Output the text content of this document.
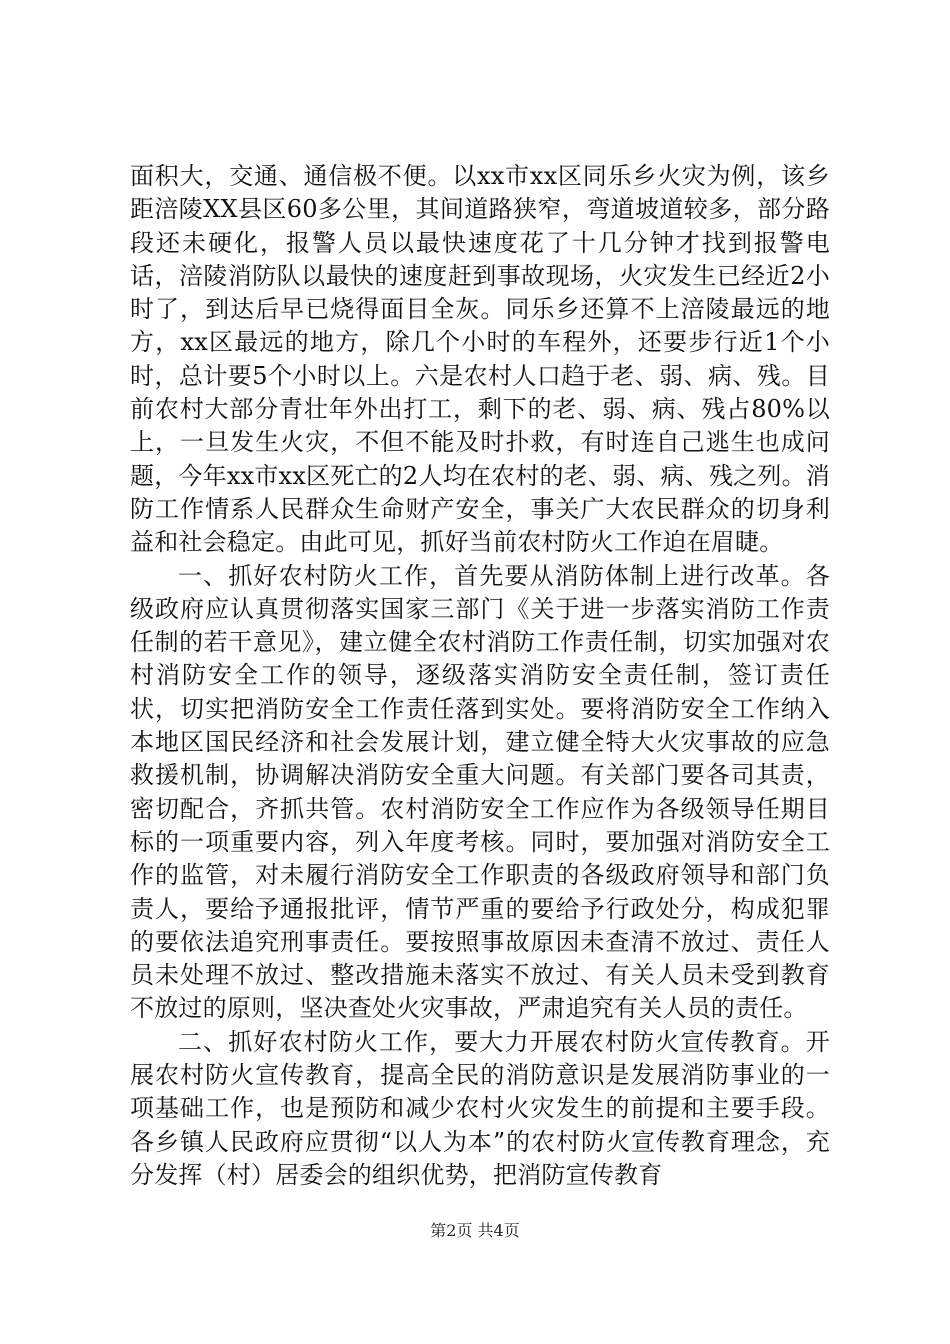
面积大，交通、通信极不便。以xx市xx区同乐乡火灾为例，该乡距涪陵XX县区60多公里，其间道路狭窄，弯道坡道较多，部分路段还未硬化，报警人员以最快速度花了十几分钟才找到报警电话，涪陵消防队以最快的速度赶到事故现场，火灾发生已经近2小时了，到达后早已烧得面目全灰。同乐乡还算不上涪陵最远的地方，xx区最远的地方，除几个小时的车程外，还要步行近1个小时，总计要5个小时以上。六是农村人口趋于老、弱、病、残。目前农村大部分青壮年外出打工，剩下的老、弱、病、残占80%以上，一旦发生火灾，不但不能及时扑救，有时连自己逃生也成问题，今年xx市xx区死亡的2人均在农村的老、弱、病、残之列。消防工作情系人民群众生命财产安全，事关广大农民群众的切身利益和社会稳定。由此可见，抓好当前农村防火工作迫在眉睫。

一、抓好农村防火工作，首先要从消防体制上进行改革。各级政府应认真贯彻落实国家三部门《关于进一步落实消防工作责任制的若干意见》，建立健全农村消防工作责任制，切实加强对农村消防安全工作的领导，逐级落实消防安全责任制，签订责任状，切实把消防安全工作责任落到实处。要将消防安全工作纳入本地区国民经济和社会发展计划，建立健全特大火灾事故的应急救援机制，协调解决消防安全重大问题。有关部门要各司其责，密切配合，齐抓共管。农村消防安全工作应作为各级领导任期目标的一项重要内容，列入年度考核。同时，要加强对消防安全工作的监管，对未履行消防安全工作职责的各级政府领导和部门负责人，要给予通报批评，情节严重的要给予行政处分，构成犯罪的要依法追究刑事责任。要按照事故原因未查清不放过、责任人员未处理不放过、整改措施未落实不放过、有关人员未受到教育不放过的原则，坚决查处火灾事故，严肃追究有关人员的责任。

二、抓好农村防火工作，要大力开展农村防火宣传教育。开展农村防火宣传教育，提高全民的消防意识是发展消防事业的一项基础工作，也是预防和减少农村火灾发生的前提和主要手段。各乡镇人民政府应贯彻“以人为本”的农村防火宣传教育理念，充分发挥（村）居委会的组织优势，把消防宣传教育

第2页 共4页
